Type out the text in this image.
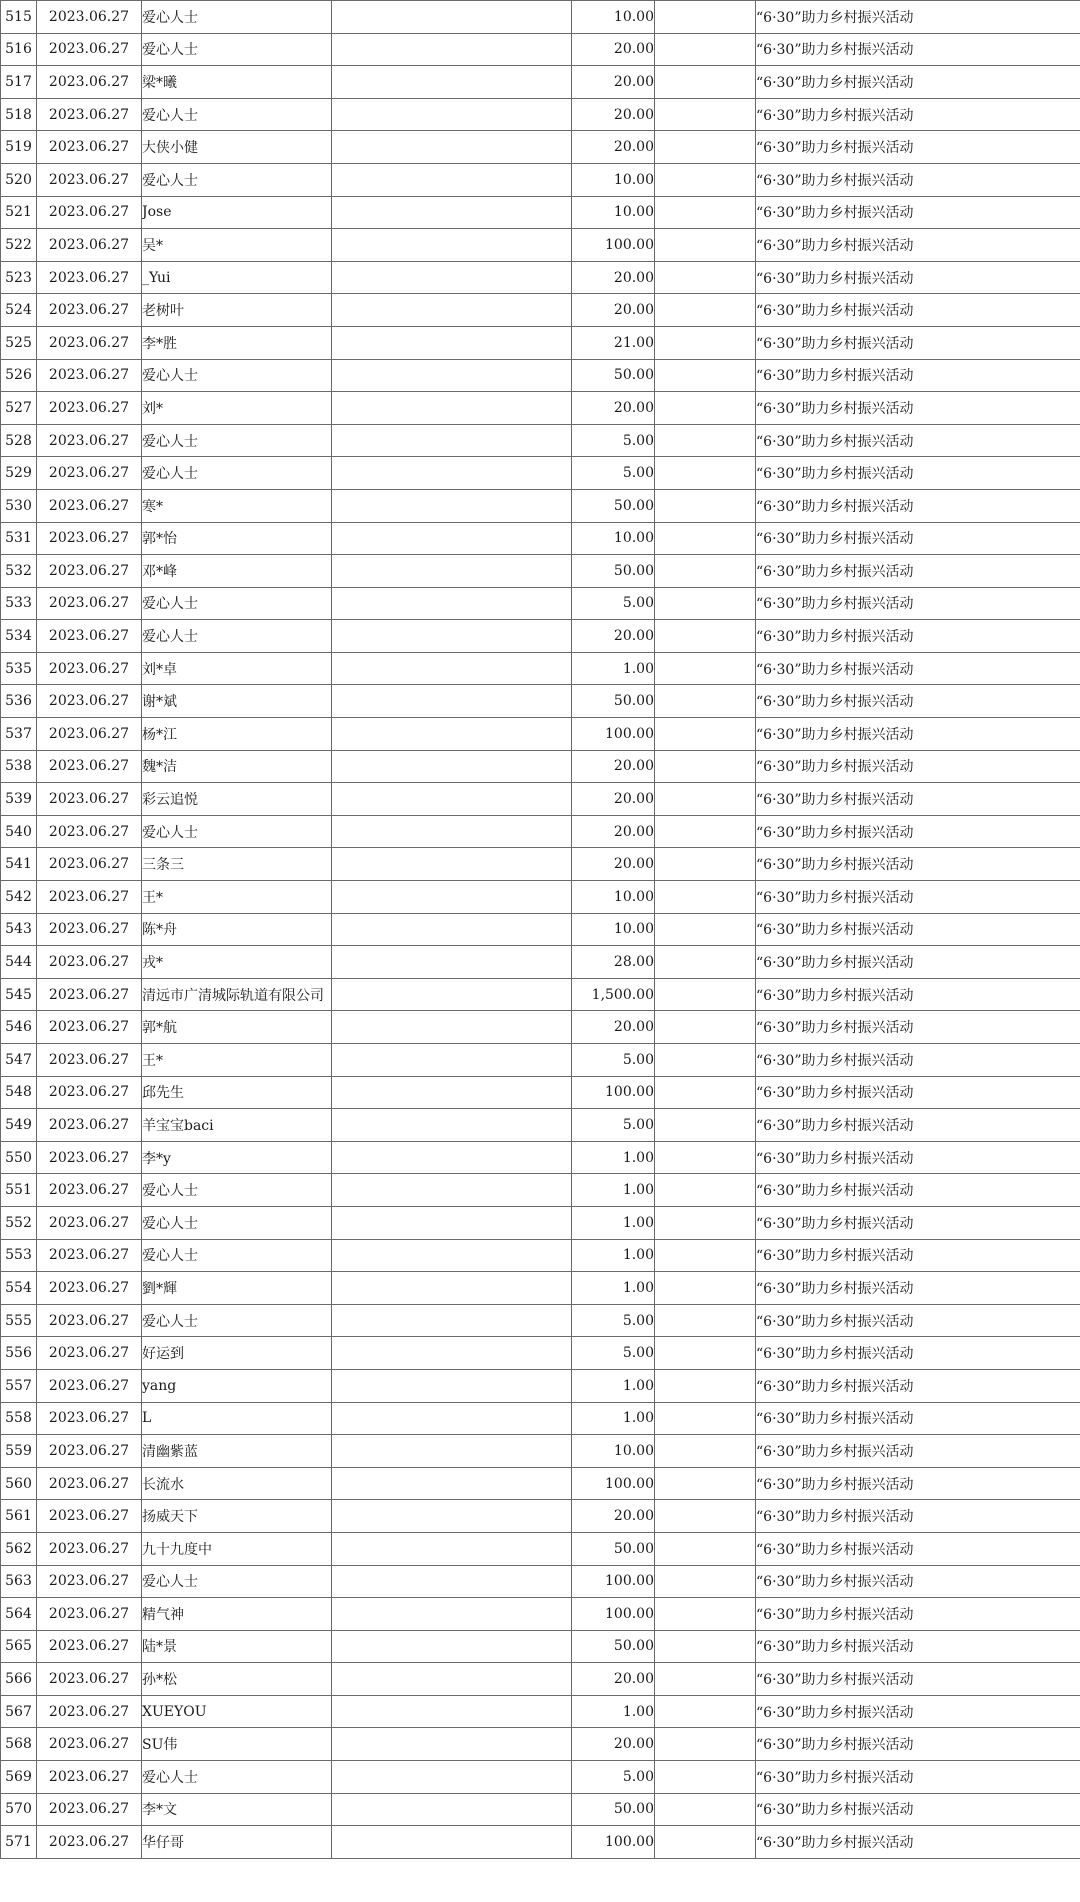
515	2023.06.27	爱心人士		10.00		“6·30”助力乡村振兴活动
516	2023.06.27	爱心人士		20.00		“6·30”助力乡村振兴活动
517	2023.06.27	梁*曦		20.00		“6·30”助力乡村振兴活动
518	2023.06.27	爱心人士		20.00		“6·30”助力乡村振兴活动
519	2023.06.27	大侠小健		20.00		“6·30”助力乡村振兴活动
520	2023.06.27	爱心人士		10.00		“6·30”助力乡村振兴活动
521	2023.06.27	Jose		10.00		“6·30”助力乡村振兴活动
522	2023.06.27	吴*		100.00		“6·30”助力乡村振兴活动
523	2023.06.27	_Yui		20.00		“6·30”助力乡村振兴活动
524	2023.06.27	老树叶		20.00		“6·30”助力乡村振兴活动
525	2023.06.27	李*胜		21.00		“6·30”助力乡村振兴活动
526	2023.06.27	爱心人士		50.00		“6·30”助力乡村振兴活动
527	2023.06.27	刘*		20.00		“6·30”助力乡村振兴活动
528	2023.06.27	爱心人士		5.00		“6·30”助力乡村振兴活动
529	2023.06.27	爱心人士		5.00		“6·30”助力乡村振兴活动
530	2023.06.27	寒*		50.00		“6·30”助力乡村振兴活动
531	2023.06.27	郭*怡		10.00		“6·30”助力乡村振兴活动
532	2023.06.27	邓*峰		50.00		“6·30”助力乡村振兴活动
533	2023.06.27	爱心人士		5.00		“6·30”助力乡村振兴活动
534	2023.06.27	爱心人士		20.00		“6·30”助力乡村振兴活动
535	2023.06.27	刘*卓		1.00		“6·30”助力乡村振兴活动
536	2023.06.27	谢*斌		50.00		“6·30”助力乡村振兴活动
537	2023.06.27	杨*江		100.00		“6·30”助力乡村振兴活动
538	2023.06.27	魏*洁		20.00		“6·30”助力乡村振兴活动
539	2023.06.27	彩云追悦		20.00		“6·30”助力乡村振兴活动
540	2023.06.27	爱心人士		20.00		“6·30”助力乡村振兴活动
541	2023.06.27	三条三		20.00		“6·30”助力乡村振兴活动
542	2023.06.27	王*		10.00		“6·30”助力乡村振兴活动
543	2023.06.27	陈*舟		10.00		“6·30”助力乡村振兴活动
544	2023.06.27	戎*		28.00		“6·30”助力乡村振兴活动
545	2023.06.27	清远市广清城际轨道有限公司		1,500.00		“6·30”助力乡村振兴活动
546	2023.06.27	郭*航		20.00		“6·30”助力乡村振兴活动
547	2023.06.27	王*		5.00		“6·30”助力乡村振兴活动
548	2023.06.27	邱先生		100.00		“6·30”助力乡村振兴活动
549	2023.06.27	羊宝宝baci		5.00		“6·30”助力乡村振兴活动
550	2023.06.27	李*y		1.00		“6·30”助力乡村振兴活动
551	2023.06.27	爱心人士		1.00		“6·30”助力乡村振兴活动
552	2023.06.27	爱心人士		1.00		“6·30”助力乡村振兴活动
553	2023.06.27	爱心人士		1.00		“6·30”助力乡村振兴活动
554	2023.06.27	劉*輝		1.00		“6·30”助力乡村振兴活动
555	2023.06.27	爱心人士		5.00		“6·30”助力乡村振兴活动
556	2023.06.27	好运到		5.00		“6·30”助力乡村振兴活动
557	2023.06.27	yang		1.00		“6·30”助力乡村振兴活动
558	2023.06.27	L		1.00		“6·30”助力乡村振兴活动
559	2023.06.27	清幽紫蓝		10.00		“6·30”助力乡村振兴活动
560	2023.06.27	长流水		100.00		“6·30”助力乡村振兴活动
561	2023.06.27	扬威天下		20.00		“6·30”助力乡村振兴活动
562	2023.06.27	九十九度中		50.00		“6·30”助力乡村振兴活动
563	2023.06.27	爱心人士		100.00		“6·30”助力乡村振兴活动
564	2023.06.27	精气神		100.00		“6·30”助力乡村振兴活动
565	2023.06.27	陆*景		50.00		“6·30”助力乡村振兴活动
566	2023.06.27	孙*松		20.00		“6·30”助力乡村振兴活动
567	2023.06.27	XUEYOU		1.00		“6·30”助力乡村振兴活动
568	2023.06.27	SU伟		20.00		“6·30”助力乡村振兴活动
569	2023.06.27	爱心人士		5.00		“6·30”助力乡村振兴活动
570	2023.06.27	李*文		50.00		“6·30”助力乡村振兴活动
571	2023.06.27	华仔哥		100.00		“6·30”助力乡村振兴活动
